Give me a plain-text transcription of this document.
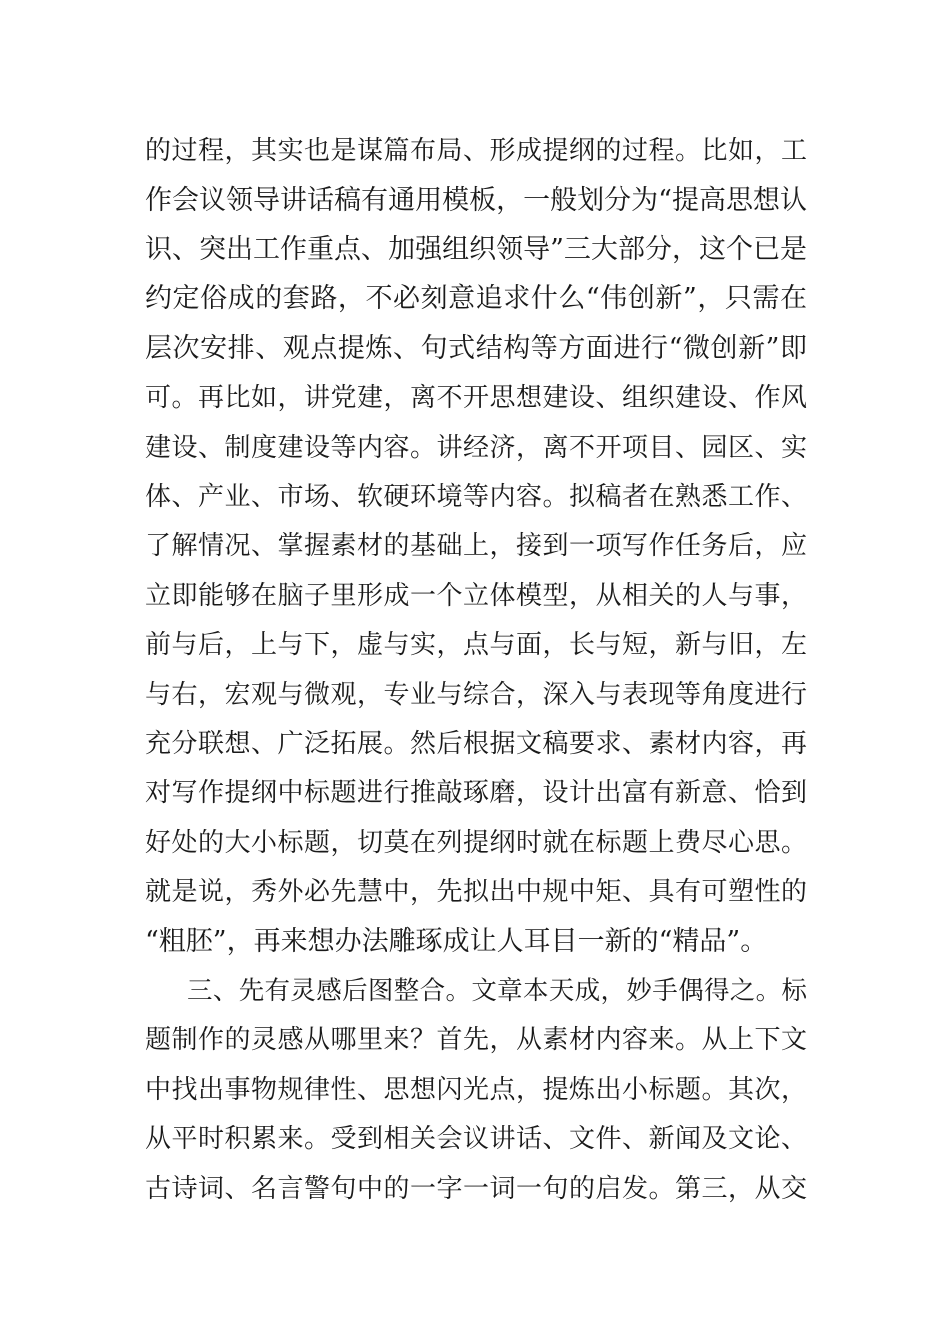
的过程，其实也是谋篇布局、形成提纲的过程。比如，工
作会议领导讲话稿有通用模板，一般划分为“提高思想认
识、突出工作重点、加强组织领导”三大部分，这个已是
约定俗成的套路，不必刻意追求什么“伟创新”，只需在
层次安排、观点提炼、句式结构等方面进行“微创新”即
可。再比如，讲党建，离不开思想建设、组织建设、作风
建设、制度建设等内容。讲经济，离不开项目、园区、实
体、产业、市场、软硬环境等内容。拟稿者在熟悉工作、
了解情况、掌握素材的基础上，接到一项写作任务后，应
立即能够在脑子里形成一个立体模型，从相关的人与事，
前与后，上与下，虚与实，点与面，长与短，新与旧，左
与右，宏观与微观，专业与综合，深入与表现等角度进行
充分联想、广泛拓展。然后根据文稿要求、素材内容，再
对写作提纲中标题进行推敲琢磨，设计出富有新意、恰到
好处的大小标题，切莫在列提纲时就在标题上费尽心思。
就是说，秀外必先慧中，先拟出中规中矩、具有可塑性的
“粗胚”，再来想办法雕琢成让人耳目一新的“精品”。
三、先有灵感后图整合。文章本天成，妙手偶得之。标
题制作的灵感从哪里来？首先，从素材内容来。从上下文
中找出事物规律性、思想闪光点，提炼出小标题。其次，
从平时积累来。受到相关会议讲话、文件、新闻及文论、
古诗词、名言警句中的一字一词一句的启发。第三，从交
